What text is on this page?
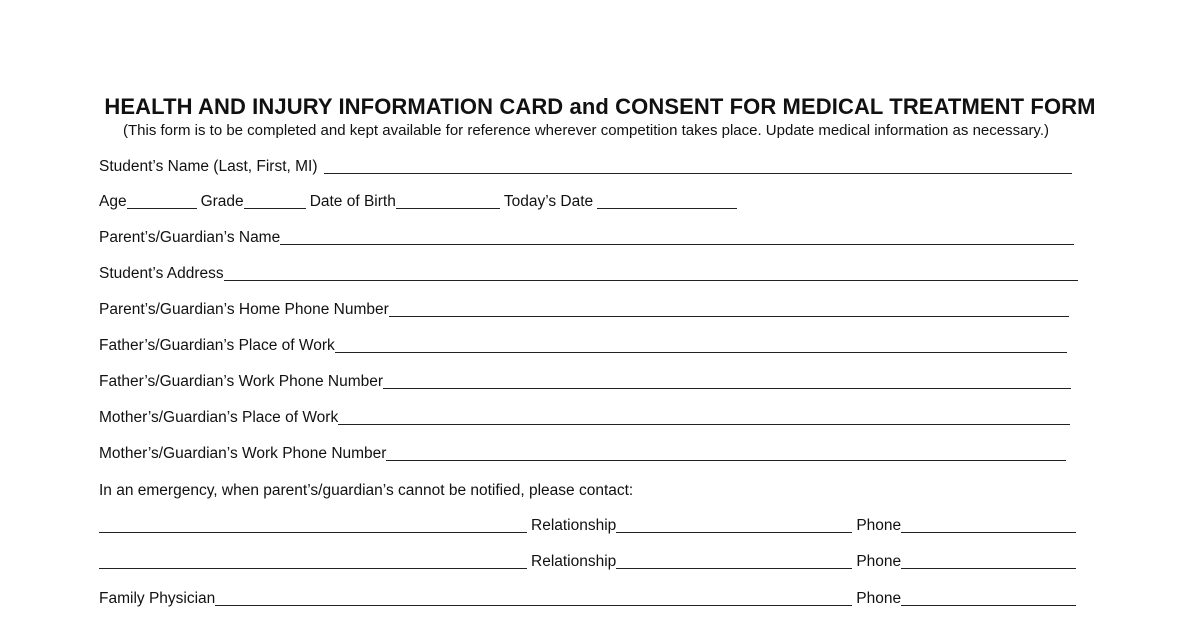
HEALTH AND INJURY INFORMATION CARD and CONSENT FOR MEDICAL TREATMENT FORM
(This form is to be completed and kept available for reference wherever competition takes place. Update medical information as necessary.)
Student’s Name (Last, First, MI)
Age	Grade	Date of Birth	Today’s Date
Parent’s/Guardian’s Name
Student’s Address
Parent’s/Guardian’s Home Phone Number
Father’s/Guardian’s Place of Work
Father’s/Guardian’s Work Phone Number
Mother’s/Guardian’s Place of Work
Mother’s/Guardian’s Work Phone Number
In an emergency, when parent’s/guardian’s cannot be notified, please contact:
Relationship	Phone
Relationship	Phone
Family Physician	Phone
